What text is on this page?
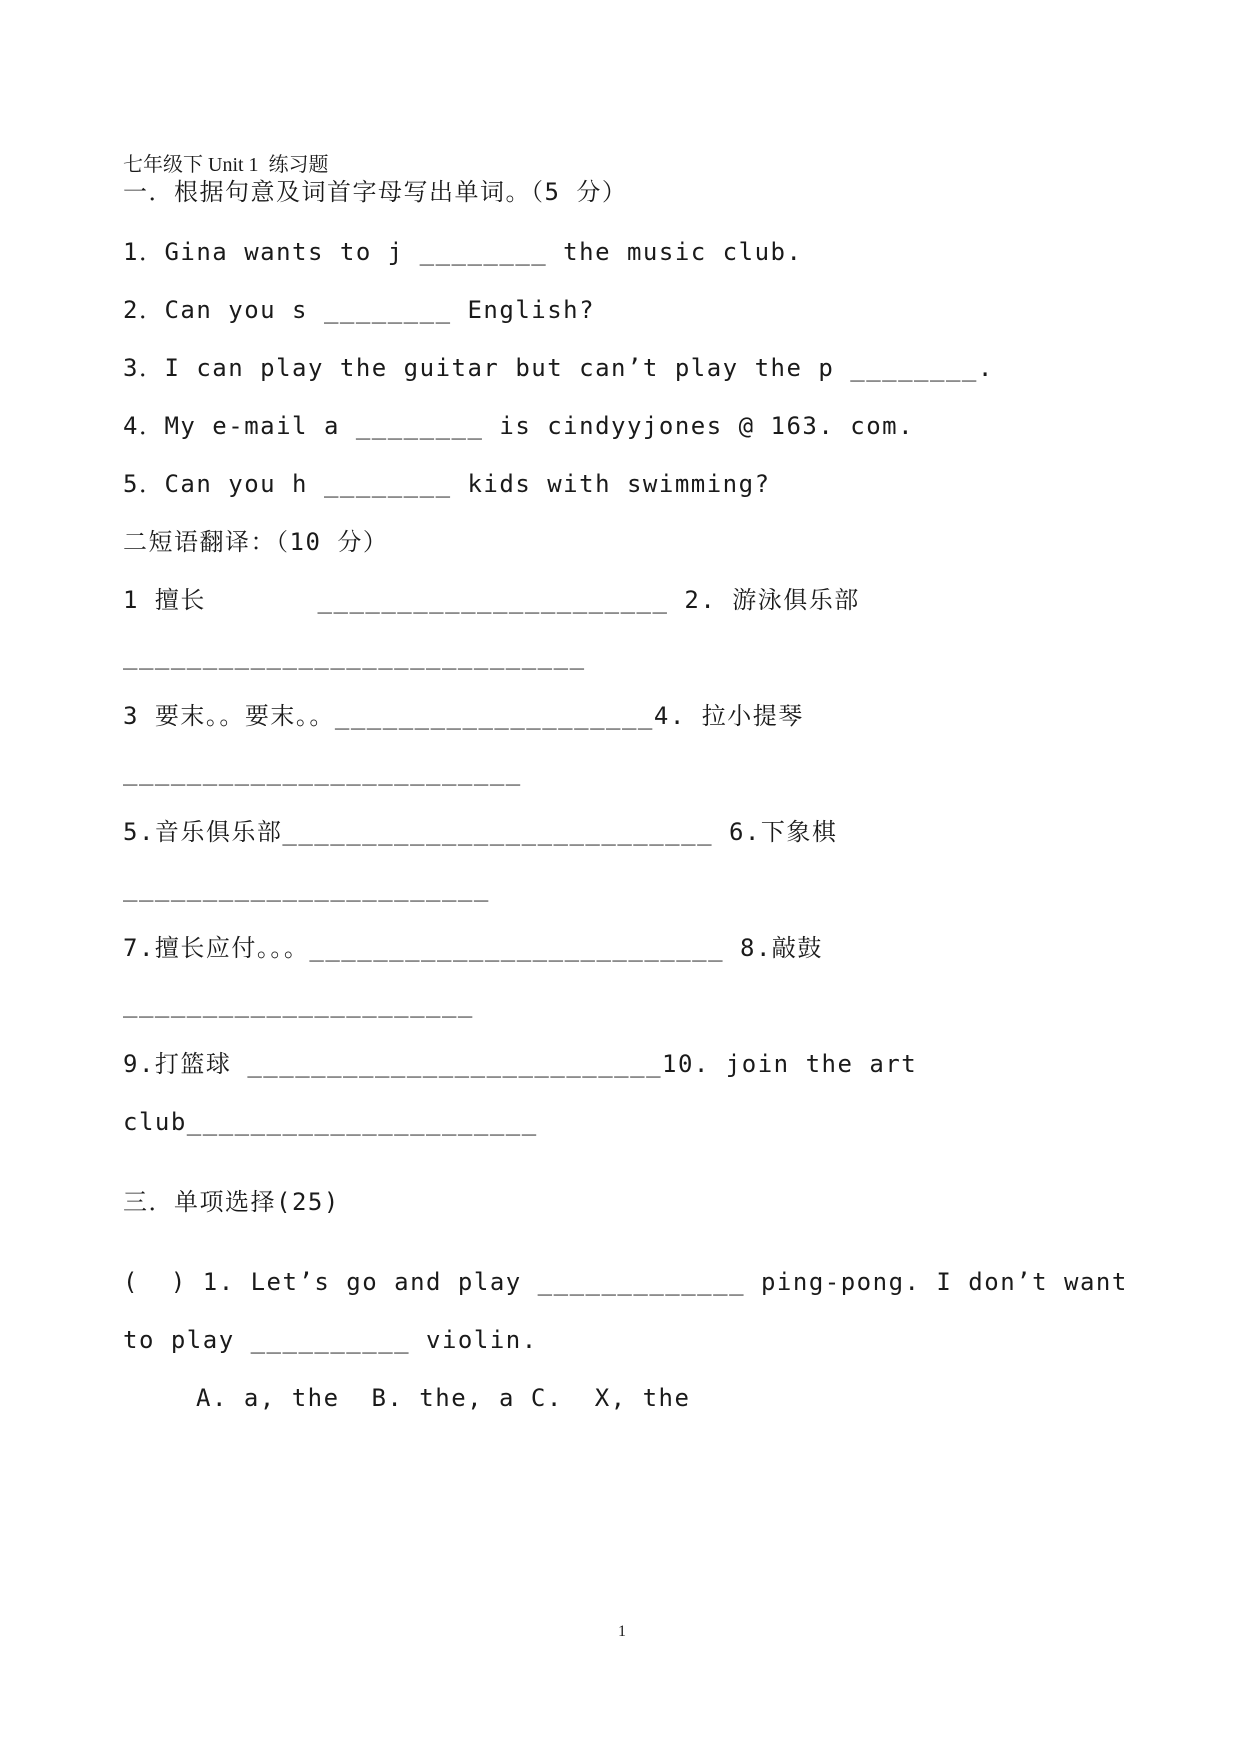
七年级下 Unit 1  练习题
一．根据句意及词首字母写出单词。（5 分）
1．Gina wants to j ________ the music club.
2．Can you s ________ English?
3．I can play the guitar but can’t play the p ________.
4．My e-mail a ________ is cindyyjones @ 163. com.
5．Can you h ________ kids with swimming?
二短语翻译：（10 分）
1 擅长       ______________________ 2. 游泳俱乐部
_____________________________
3 要末。。要末。。____________________4. 拉小提琴
_________________________
5.音乐俱乐部___________________________ 6.下象棋
_______________________
7.擅长应付。。。__________________________ 8.敲鼓
______________________
9.打篮球 __________________________10. join the art
club______________________
三．单项选择(25)
(  ) 1. Let’s go and play _____________ ping-pong. I don’t want
to play __________ violin.
A. a, the  B. the, a C.  X, the
1
